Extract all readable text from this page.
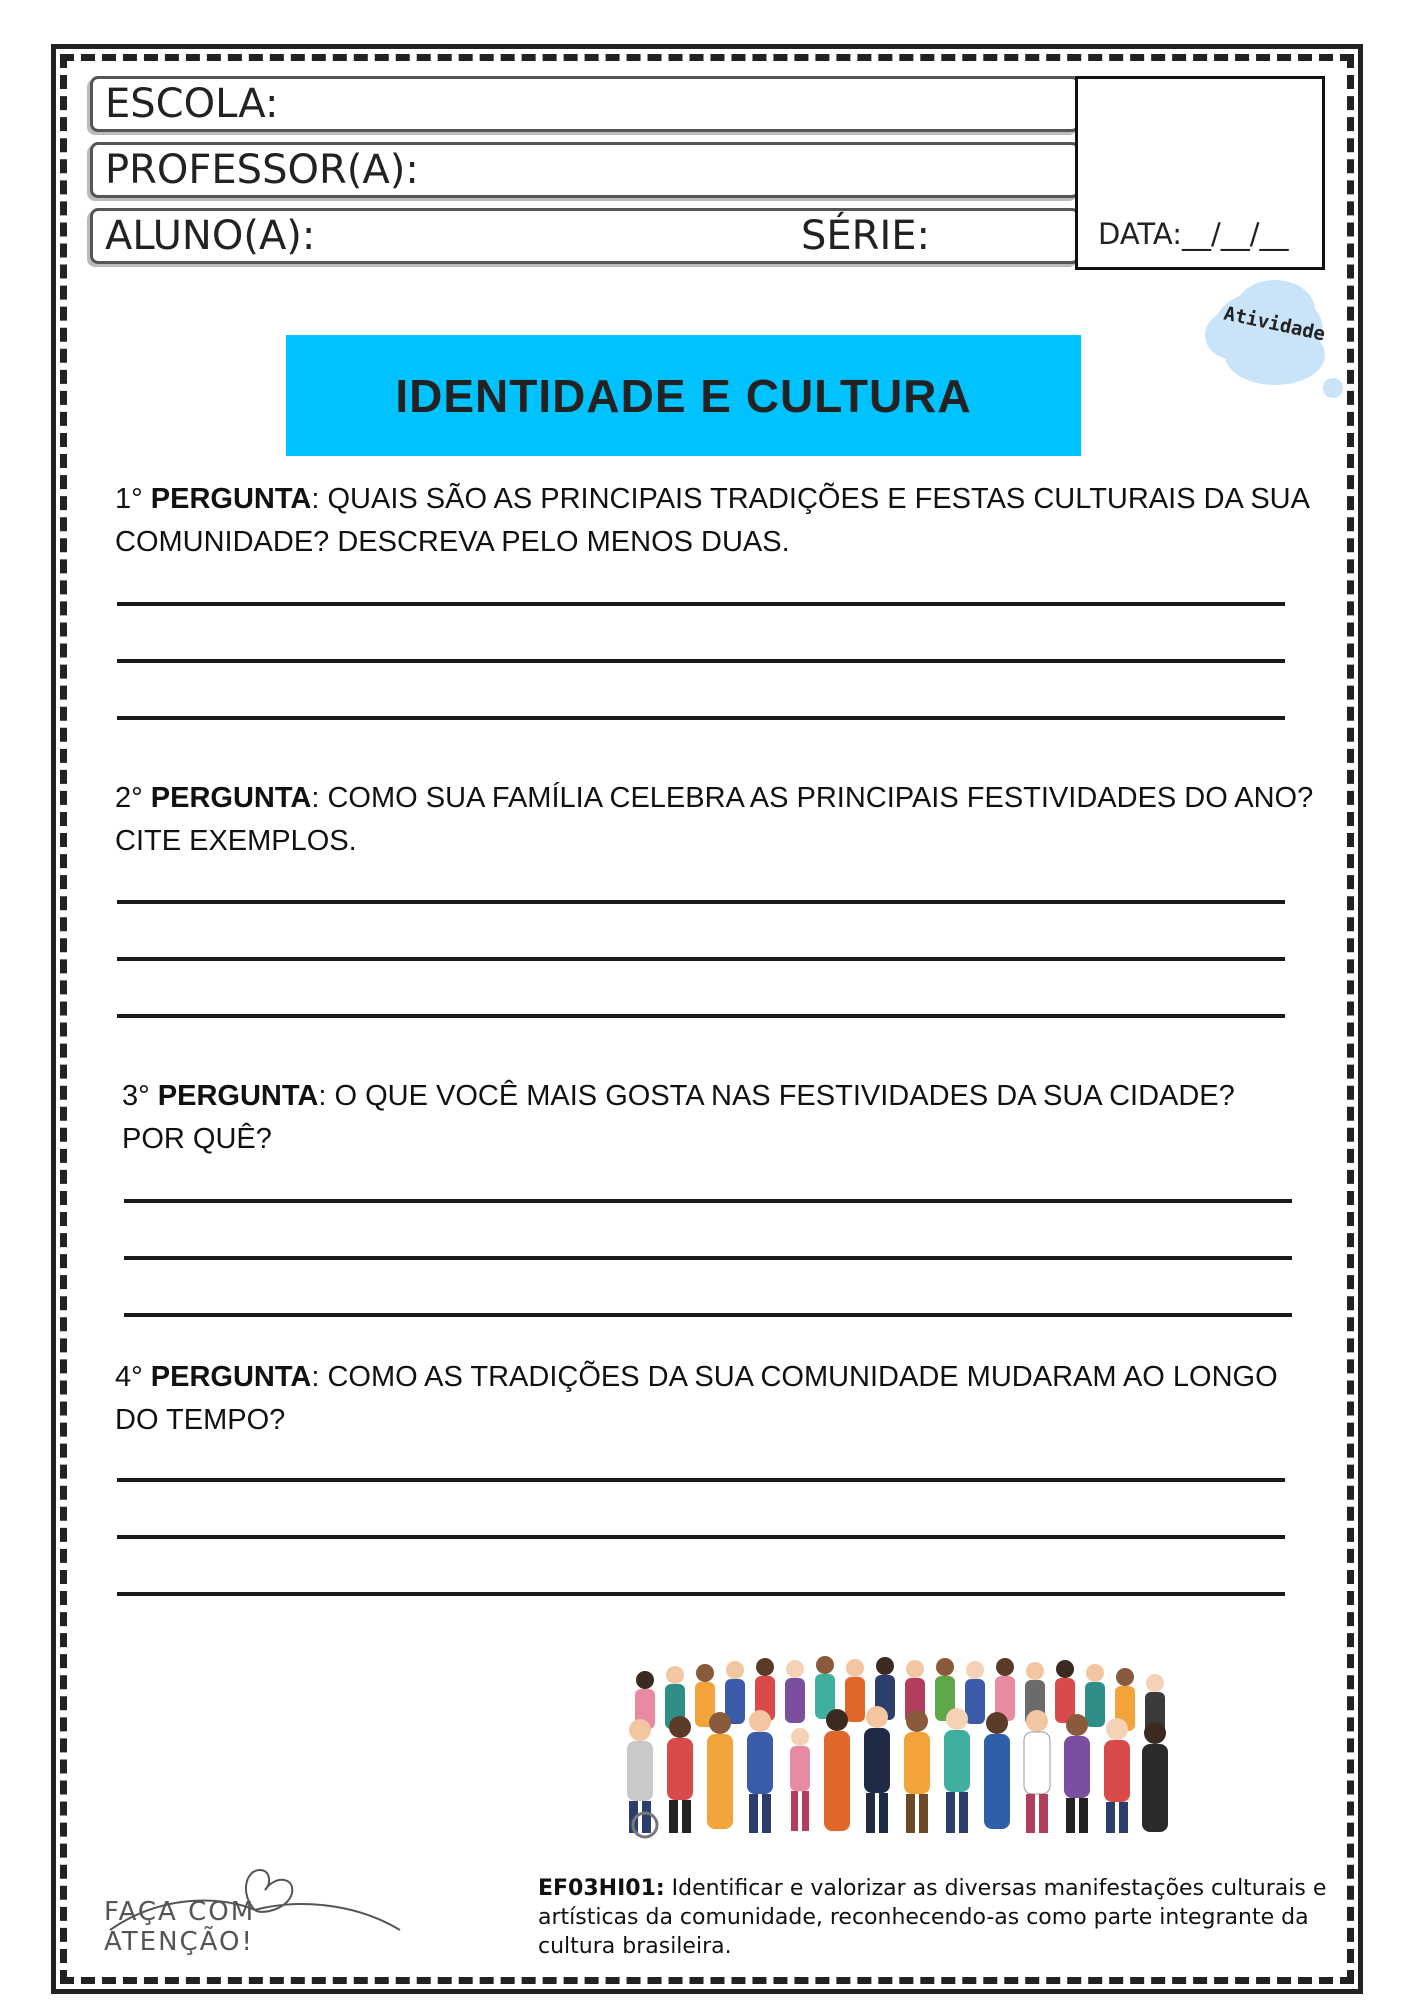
ESCOLA:
PROFESSOR(A):
ALUNO(A):	SÉRIE:	DATA:__/__/__
Atividade
IDENTIDADE E CULTURA
1° PERGUNTA: QUAIS SÃO AS PRINCIPAIS TRADIÇÕES E FESTAS CULTURAIS DA SUA COMUNIDADE? DESCREVA PELO MENOS DUAS.
2° PERGUNTA: COMO SUA FAMÍLIA CELEBRA AS PRINCIPAIS FESTIVIDADES DO ANO? CITE EXEMPLOS.
3° PERGUNTA: O QUE VOCÊ MAIS GOSTA NAS FESTIVIDADES DA SUA CIDADE? POR QUÊ?
4° PERGUNTA: COMO AS TRADIÇÕES DA SUA COMUNIDADE MUDARAM AO LONGO DO TEMPO?
FAÇA COM ATENÇÃO!
EF03HI01: Identificar e valorizar as diversas manifestações culturais e artísticas da comunidade, reconhecendo-as como parte integrante da cultura brasileira.
